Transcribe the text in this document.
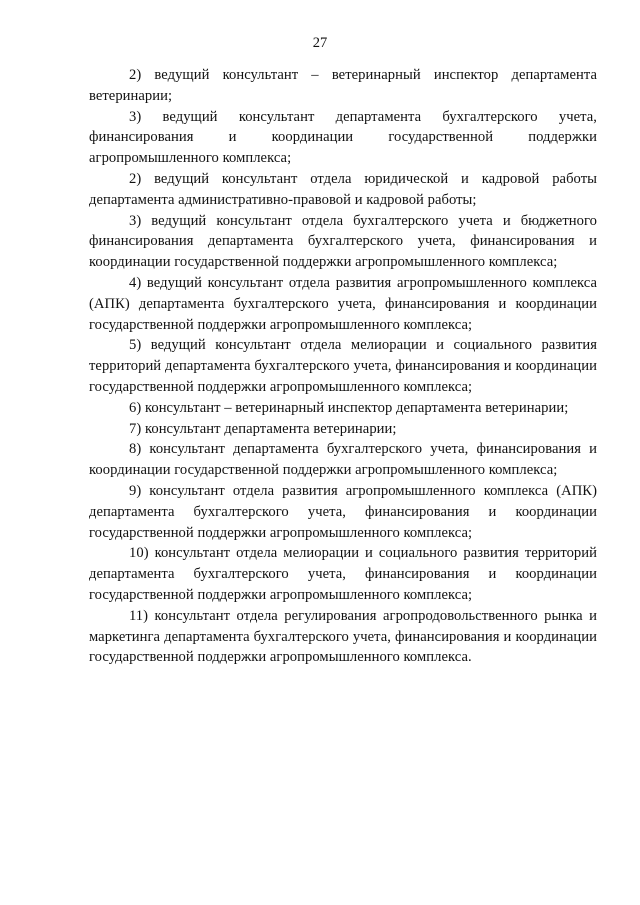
27

2) ведущий консультант – ветеринарный инспектор департамента ветеринарии;

3) ведущий консультант департамента бухгалтерского учета, финансирования и координации государственной поддержки агропромышленного комплекса;

2) ведущий консультант отдела юридической и кадровой работы департамента административно-правовой и кадровой работы;

3) ведущий консультант отдела бухгалтерского учета и бюджетного финансирования департамента бухгалтерского учета, финансирования и координации государственной поддержки агропромышленного комплекса;

4) ведущий консультант отдела развития агропромышленного комплекса (АПК) департамента бухгалтерского учета, финансирования и координации государственной поддержки агропромышленного комплекса;

5) ведущий консультант отдела мелиорации и социального развития территорий департамента бухгалтерского учета, финансирования и координации государственной поддержки агропромышленного комплекса;

6) консультант – ветеринарный инспектор департамента ветеринарии;

7) консультант департамента ветеринарии;

8) консультант департамента бухгалтерского учета, финансирования и координации государственной поддержки агропромышленного комплекса;

9) консультант отдела развития агропромышленного комплекса (АПК) департамента бухгалтерского учета, финансирования и координации государственной поддержки агропромышленного комплекса;

10) консультант отдела мелиорации и социального развития территорий департамента бухгалтерского учета, финансирования и координации государственной поддержки агропромышленного комплекса;

11) консультант отдела регулирования агропродовольственного рынка и маркетинга департамента бухгалтерского учета, финансирования и координации государственной поддержки агропромышленного комплекса.
